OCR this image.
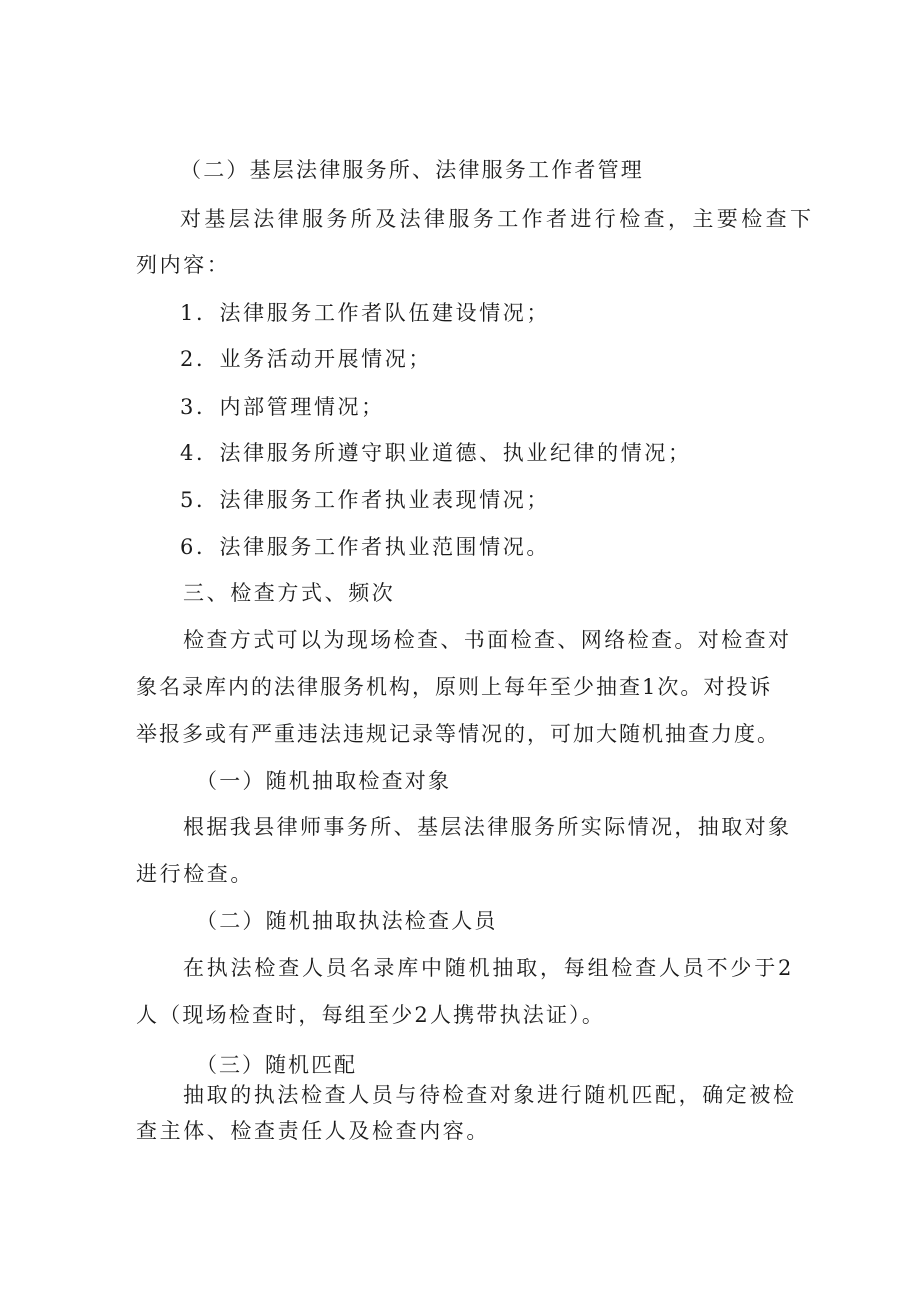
（二）基层法律服务所、法律服务工作者管理
对基层法律服务所及法律服务工作者进行检查，主要检查下
列内容：
1．法律服务工作者队伍建设情况；
2．业务活动开展情况；
3．内部管理情况；
4．法律服务所遵守职业道德、执业纪律的情况；
5．法律服务工作者执业表现情况；
6．法律服务工作者执业范围情况。
三、检查方式、频次
检查方式可以为现场检查、书面检查、网络检查。对检查对
象名录库内的法律服务机构，原则上每年至少抽查1次。对投诉
举报多或有严重违法违规记录等情况的，可加大随机抽查力度。
（一）随机抽取检查对象
根据我县律师事务所、基层法律服务所实际情况，抽取对象
进行检查。
（二）随机抽取执法检查人员
在执法检查人员名录库中随机抽取，每组检查人员不少于2
人（现场检查时，每组至少2人携带执法证）。
（三）随机匹配
抽取的执法检查人员与待检查对象进行随机匹配，确定被检
查主体、检查责任人及检查内容。
